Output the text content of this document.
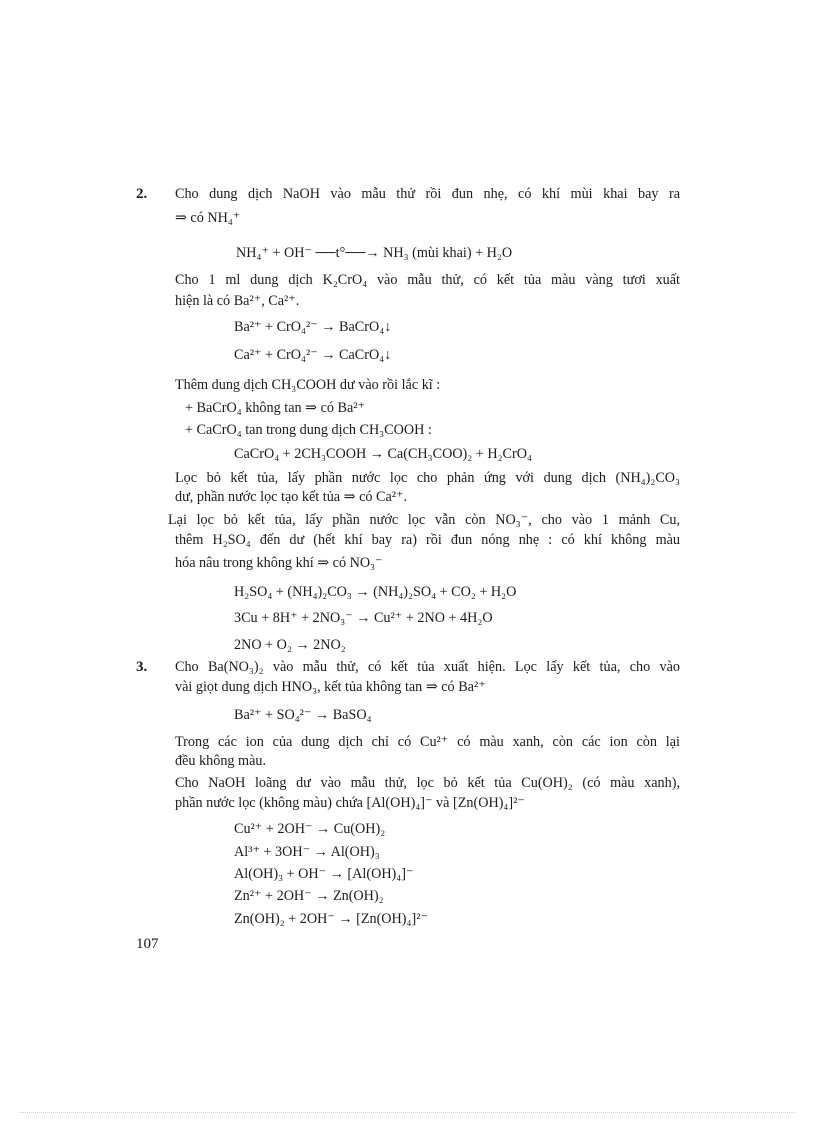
2. Cho dung dịch NaOH vào mẫu thử rồi đun nhẹ, có khí mùi khai bay ra
⇒ có NH₄⁺
NH₄⁺ + OH⁻ ──t°──→ NH₃ (mùi khai) + H₂O
Cho 1 ml dung dịch K₂CrO₄ vào mẫu thử, có kết tủa màu vàng tươi xuất
hiện là có Ba²⁺, Ca²⁺.
Ba²⁺ + CrO₄²⁻ → BaCrO₄↓
Ca²⁺ + CrO₄²⁻ → CaCrO₄↓
Thêm dung dịch CH₃COOH dư vào rồi lắc kĩ :
+ BaCrO₄ không tan ⇒ có Ba²⁺
+ CaCrO₄ tan trong dung dịch CH₃COOH :
CaCrO₄ + 2CH₃COOH → Ca(CH₃COO)₂ + H₂CrO₄
Lọc bỏ kết tủa, lấy phần nước lọc cho phản ứng với dung dịch (NH₄)₂CO₃
dư, phần nước lọc tạo kết tủa ⇒ có Ca²⁺.
Lại lọc bỏ kết tủa, lấy phần nước lọc vẫn còn NO₃⁻, cho vào 1 mảnh Cu,
thêm H₂SO₄ đến dư (hết khí bay ra) rồi đun nóng nhẹ : có khí không màu
hóa nâu trong không khí ⇒ có NO₃⁻
H₂SO₄ + (NH₄)₂CO₃ → (NH₄)₂SO₄ + CO₂ + H₂O
3Cu + 8H⁺ + 2NO₃⁻ → Cu²⁺ + 2NO + 4H₂O
2NO + O₂ → 2NO₂
3. Cho Ba(NO₃)₂ vào mẫu thử, có kết tủa xuất hiện. Lọc lấy kết tủa, cho vào
vài giọt dung dịch HNO₃, kết tủa không tan ⇒ có Ba²⁺
Ba²⁺ + SO₄²⁻ → BaSO₄
Trong các ion của dung dịch chỉ có Cu²⁺ có màu xanh, còn các ion còn lại
đều không màu.
Cho NaOH loãng dư vào mẫu thử, lọc bỏ kết tủa Cu(OH)₂ (có màu xanh),
phần nước lọc (không màu) chứa [Al(OH)₄]⁻ và [Zn(OH)₄]²⁻
Cu²⁺ + 2OH⁻ → Cu(OH)₂
Al³⁺ + 3OH⁻ → Al(OH)₃
Al(OH)₃ + OH⁻ → [Al(OH)₄]⁻
Zn²⁺ + 2OH⁻ → Zn(OH)₂
Zn(OH)₂ + 2OH⁻ → [Zn(OH)₄]²⁻
107
